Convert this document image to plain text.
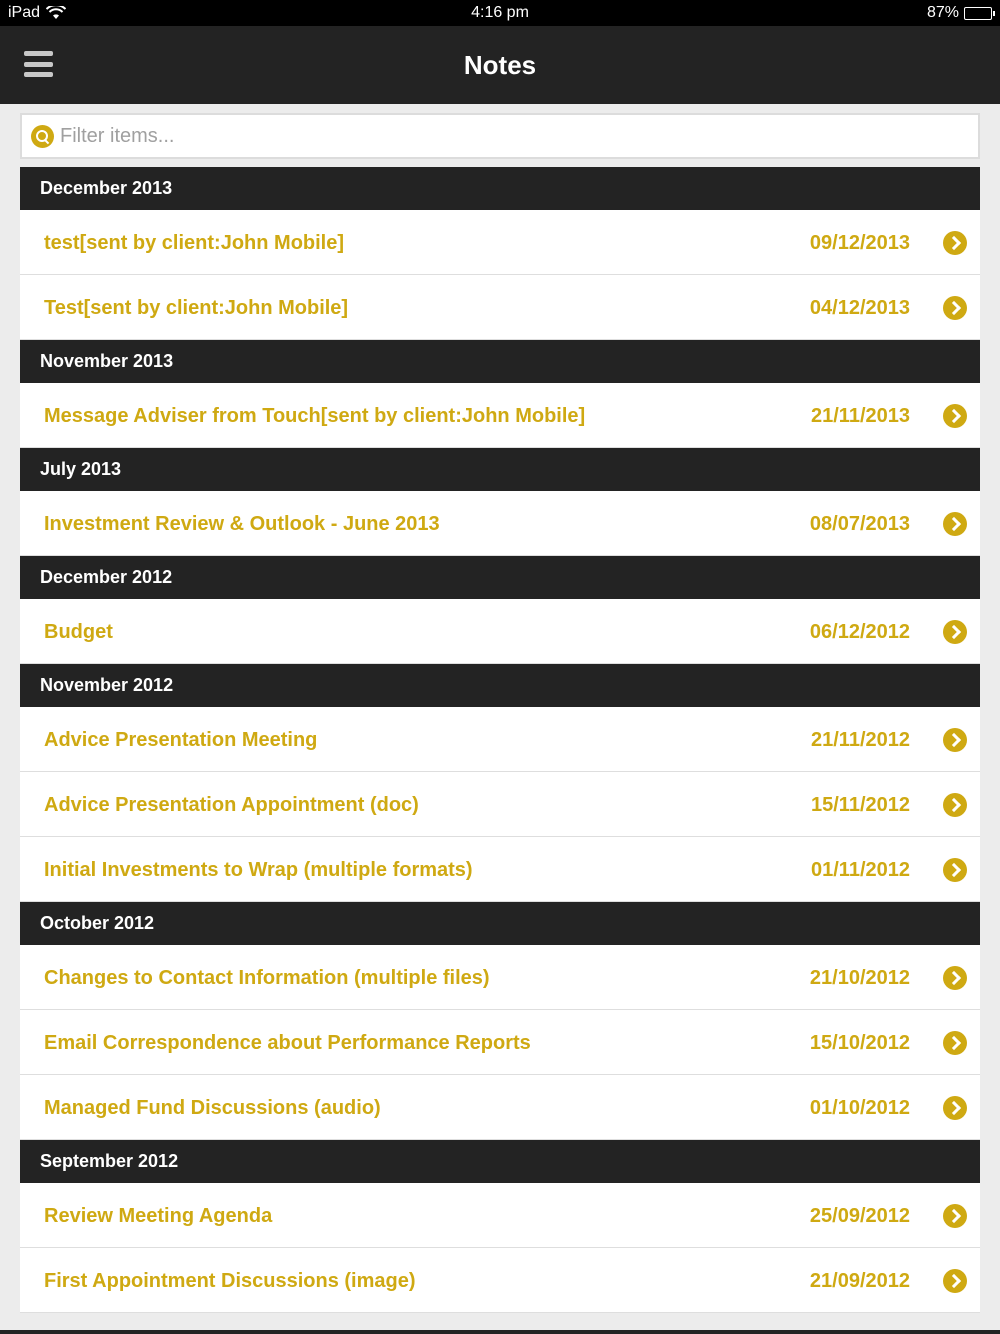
iPad	4:16 pm	87%
Notes
Filter items...
December 2013
test[sent by client:John Mobile]	09/12/2013
Test[sent by client:John Mobile]	04/12/2013
November 2013
Message Adviser from Touch[sent by client:John Mobile]	21/11/2013
July 2013
Investment Review & Outlook - June 2013	08/07/2013
December 2012
Budget	06/12/2012
November 2012
Advice Presentation Meeting	21/11/2012
Advice Presentation Appointment (doc)	15/11/2012
Initial Investments to Wrap (multiple formats)	01/11/2012
October 2012
Changes to Contact Information (multiple files)	21/10/2012
Email Correspondence about Performance Reports	15/10/2012
Managed Fund Discussions (audio)	01/10/2012
September 2012
Review Meeting Agenda	25/09/2012
First Appointment Discussions (image)	21/09/2012
